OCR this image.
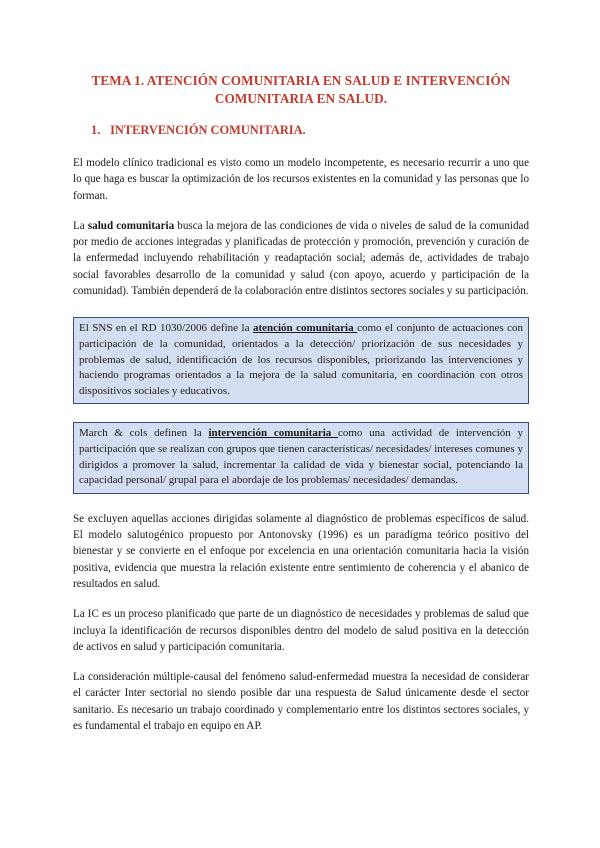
TEMA 1. ATENCIÓN COMUNITARIA EN SALUD E INTERVENCIÓN
COMUNITARIA EN SALUD.
1. INTERVENCIÓN COMUNITARIA.

El modelo clínico tradicional es visto como un modelo incompetente, es necesario recurrir a uno que lo que haga es buscar la optimización de los recursos existentes en la comunidad y las personas que lo forman.

La salud comunitaria busca la mejora de las condiciones de vida o niveles de salud de la comunidad por medio de acciones integradas y planificadas de protección y promoción, prevención y curación de la enfermedad incluyendo rehabilitación y readaptación social; además de, actividades de trabajo social favorables desarrollo de la comunidad y salud (con apoyo, acuerdo y participación de la comunidad). También dependerá de la colaboración entre distintos sectores sociales y su participación.

El SNS en el RD 1030/2006 define la atención comunitaria como el conjunto de actuaciones con participación de la comunidad, orientados a la detección/ priorización de sus necesidades y problemas de salud, identificación de los recursos disponibles, priorizando las intervenciones y haciendo programas orientados a la mejora de la salud comunitaria, en coordinación con otros dispositivos sociales y educativos.
March & cols definen la intervención comunitaria como una actividad de intervención y participación que se realizan con grupos que tienen características/ necesidades/ intereses comunes y dirigidos a promover la salud, incrementar la calidad de vida y bienestar social, potenciando la capacidad personal/ grupal para el abordaje de los problemas/ necesidades/ demandas.

Se excluyen aquellas acciones dirigidas solamente al diagnóstico de problemas específicos de salud. El modelo salutogénico propuesto por Antonovsky (1996) es un paradigma teórico positivo del bienestar y se convierte en el enfoque por excelencia en una orientación comunitaria hacia la visión positiva, evidencia que muestra la relación existente entre sentimiento de coherencia y el abanico de resultados en salud.

La IC es un proceso planificado que parte de un diagnóstico de necesidades y problemas de salud que incluya la identificación de recursos disponibles dentro del modelo de salud positiva en la detección de activos en salud y participación comunitaria.

La consideración múltiple-causal del fenómeno salud-enfermedad muestra la necesidad de considerar el carácter Inter sectorial no siendo posible dar una respuesta de Salud únicamente desde el sector sanitario. Es necesario un trabajo coordinado y complementario entre los distintos sectores sociales, y es fundamental el trabajo en equipo en AP.
